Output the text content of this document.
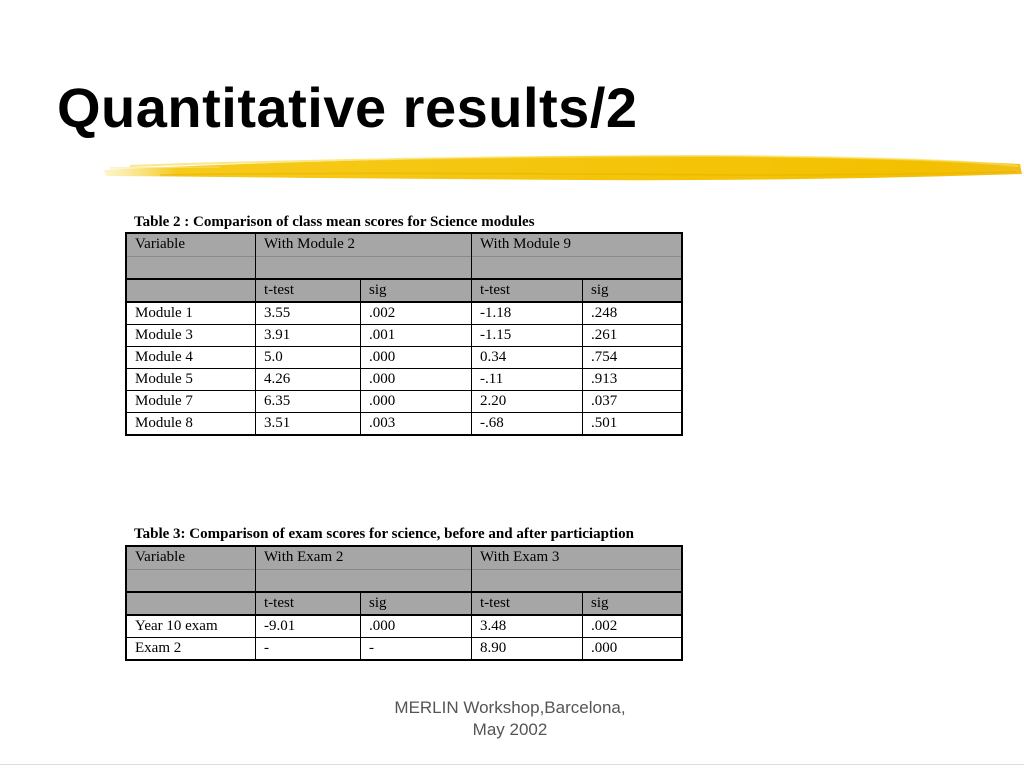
Quantitative results/2

Table 2 : Comparison of class mean scores for Science modules

Variable	With Module 2		With Module 9	

	t-test	sig	t-test	sig
Module 1	3.55	.002	-1.18	.248
Module 3	3.91	.001	-1.15	.261
Module 4	5.0	.000	0.34	.754
Module 5	4.26	.000	-.11	.913
Module 7	6.35	.000	2.20	.037
Module 8	3.51	.003	-.68	.501

Table 3: Comparison of exam scores for science, before and after particiaption

Variable	With Exam 2		With Exam 3	

	t-test	sig	t-test	sig
Year 10 exam	-9.01	.000	3.48	.002
Exam 2	-	-	8.90	.000

MERLIN Workshop,Barcelona,
May 2002
